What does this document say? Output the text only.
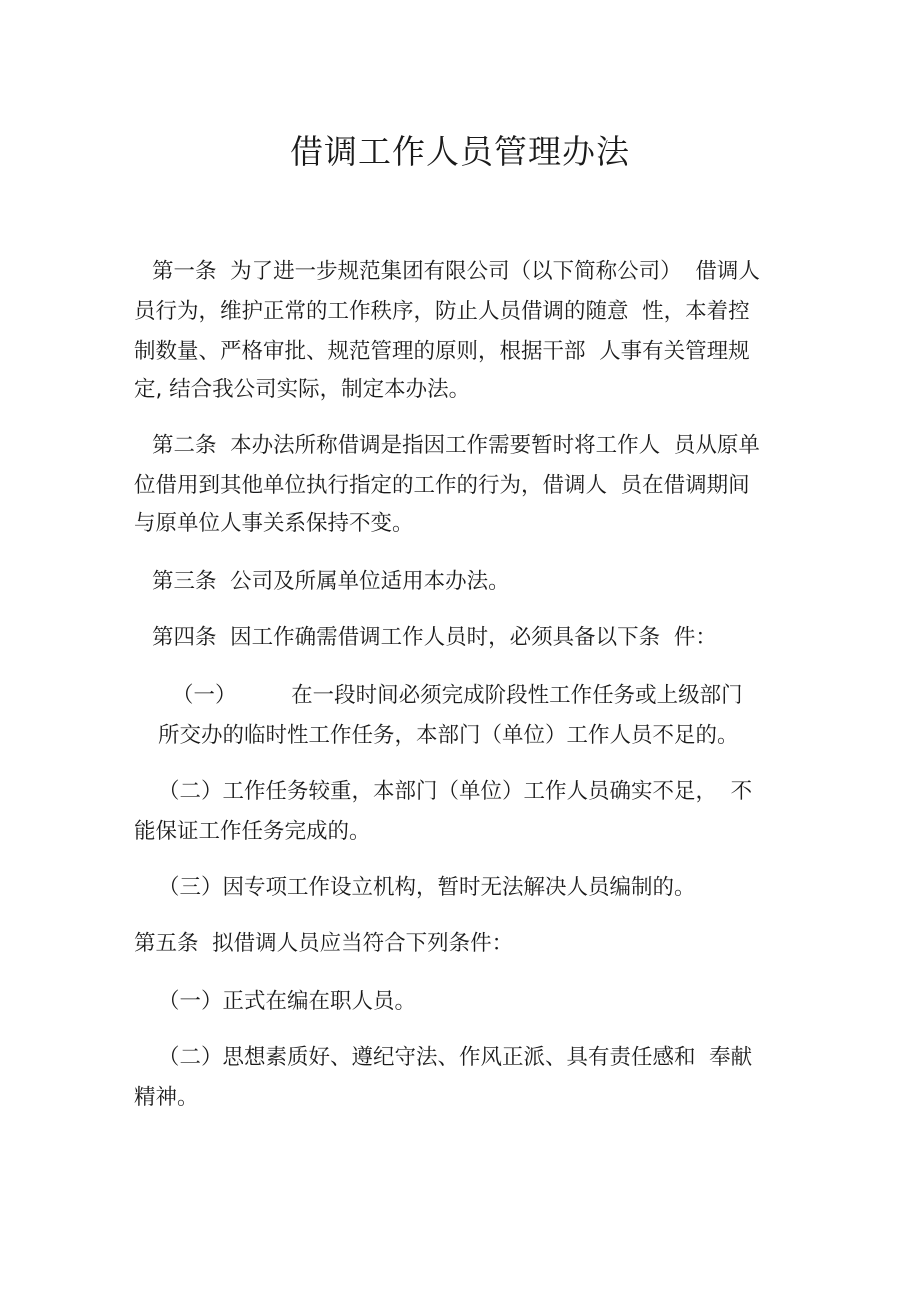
借调工作人员管理办法
第一条  为了进一步规范集团有限公司（以下简称公司）  借调人
员行为，维护正常的工作秩序，防止人员借调的随意  性，本着控
制数量、严格审批、规范管理的原则，根据干部  人事有关管理规
定, 结合我公司实际，制定本办法。
第二条  本办法所称借调是指因工作需要暂时将工作人  员从原单
位借用到其他单位执行指定的工作的行为，借调人  员在借调期间
与原单位人事关系保持不变。
第三条  公司及所属单位适用本办法。
第四条  因工作确需借调工作人员时，必须具备以下条  件：
（一）        在一段时间必须完成阶段性工作任务或上级部门
所交办的临时性工作任务，本部门（单位）工作人员不足的。
（二）工作任务较重，本部门（单位）工作人员确实不足，  不
能保证工作任务完成的。
（三）因专项工作设立机构，暂时无法解决人员编制的。
第五条  拟借调人员应当符合下列条件：
（一）正式在编在职人员。
（二）思想素质好、遵纪守法、作风正派、具有责任感和  奉献
精神。
